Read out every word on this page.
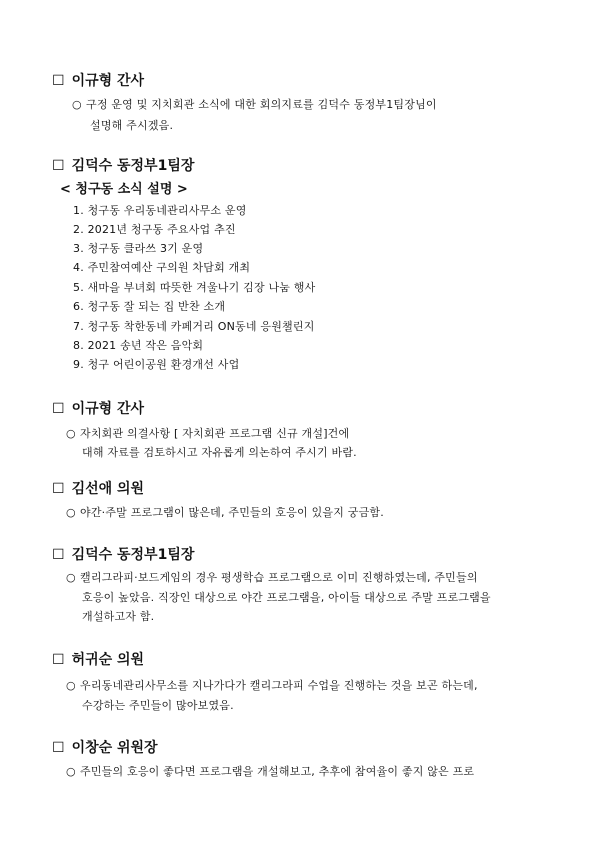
☐ 이규형 간사
○ 구정 운영 및 지치회관 소식에 대한 회의지료를 김덕수 동정부1팀장님이
설명해 주시겠음.
☐ 김덕수 동정부1팀장
< 청구동 소식 설명 >
1. 청구동 우리동네관리사무소 운영
2. 2021년 청구동 주요사업 추진
3. 청구동 클라쓰 3기 운영
4. 주민참여예산 구의원 차담회 개최
5. 새마을 부녀회 따뜻한 겨울나기 김장 나눔 행사
6. 청구동 잘 되는 집 반찬 소개
7. 청구동 착한동네 카페거리 ON동네 응원챌린지
8. 2021 송년 작은 음악회
9. 청구 어린이공원 환경개선 사업
☐ 이규형 간사
○ 자치회관 의결사항 [ 자치회관 프로그램 신규 개설]건에
대해 자료를 검토하시고 자유롭게 의논하여 주시기 바람.
☐ 김선애 의원
○ 야간·주말 프로그램이 많은데, 주민들의 호응이 있을지 궁금함.
☐ 김덕수 동정부1팀장
○ 캘리그라피·보드게임의 경우 평생학습 프로그램으로 이미 진행하였는데, 주민들의
호응이 높았음. 직장인 대상으로 야간 프로그램을, 아이들 대상으로 주말 프로그램을
개설하고자 함.
☐ 허귀순 의원
○ 우리동네관리사무소를 지나가다가 캘리그라피 수업을 진행하는 것을 보곤 하는데,
수강하는 주민들이 많아보였음.
☐ 이창순 위원장
○ 주민들의 호응이 좋다면 프로그램을 개설해보고, 추후에 참여율이 좋지 않은 프로
